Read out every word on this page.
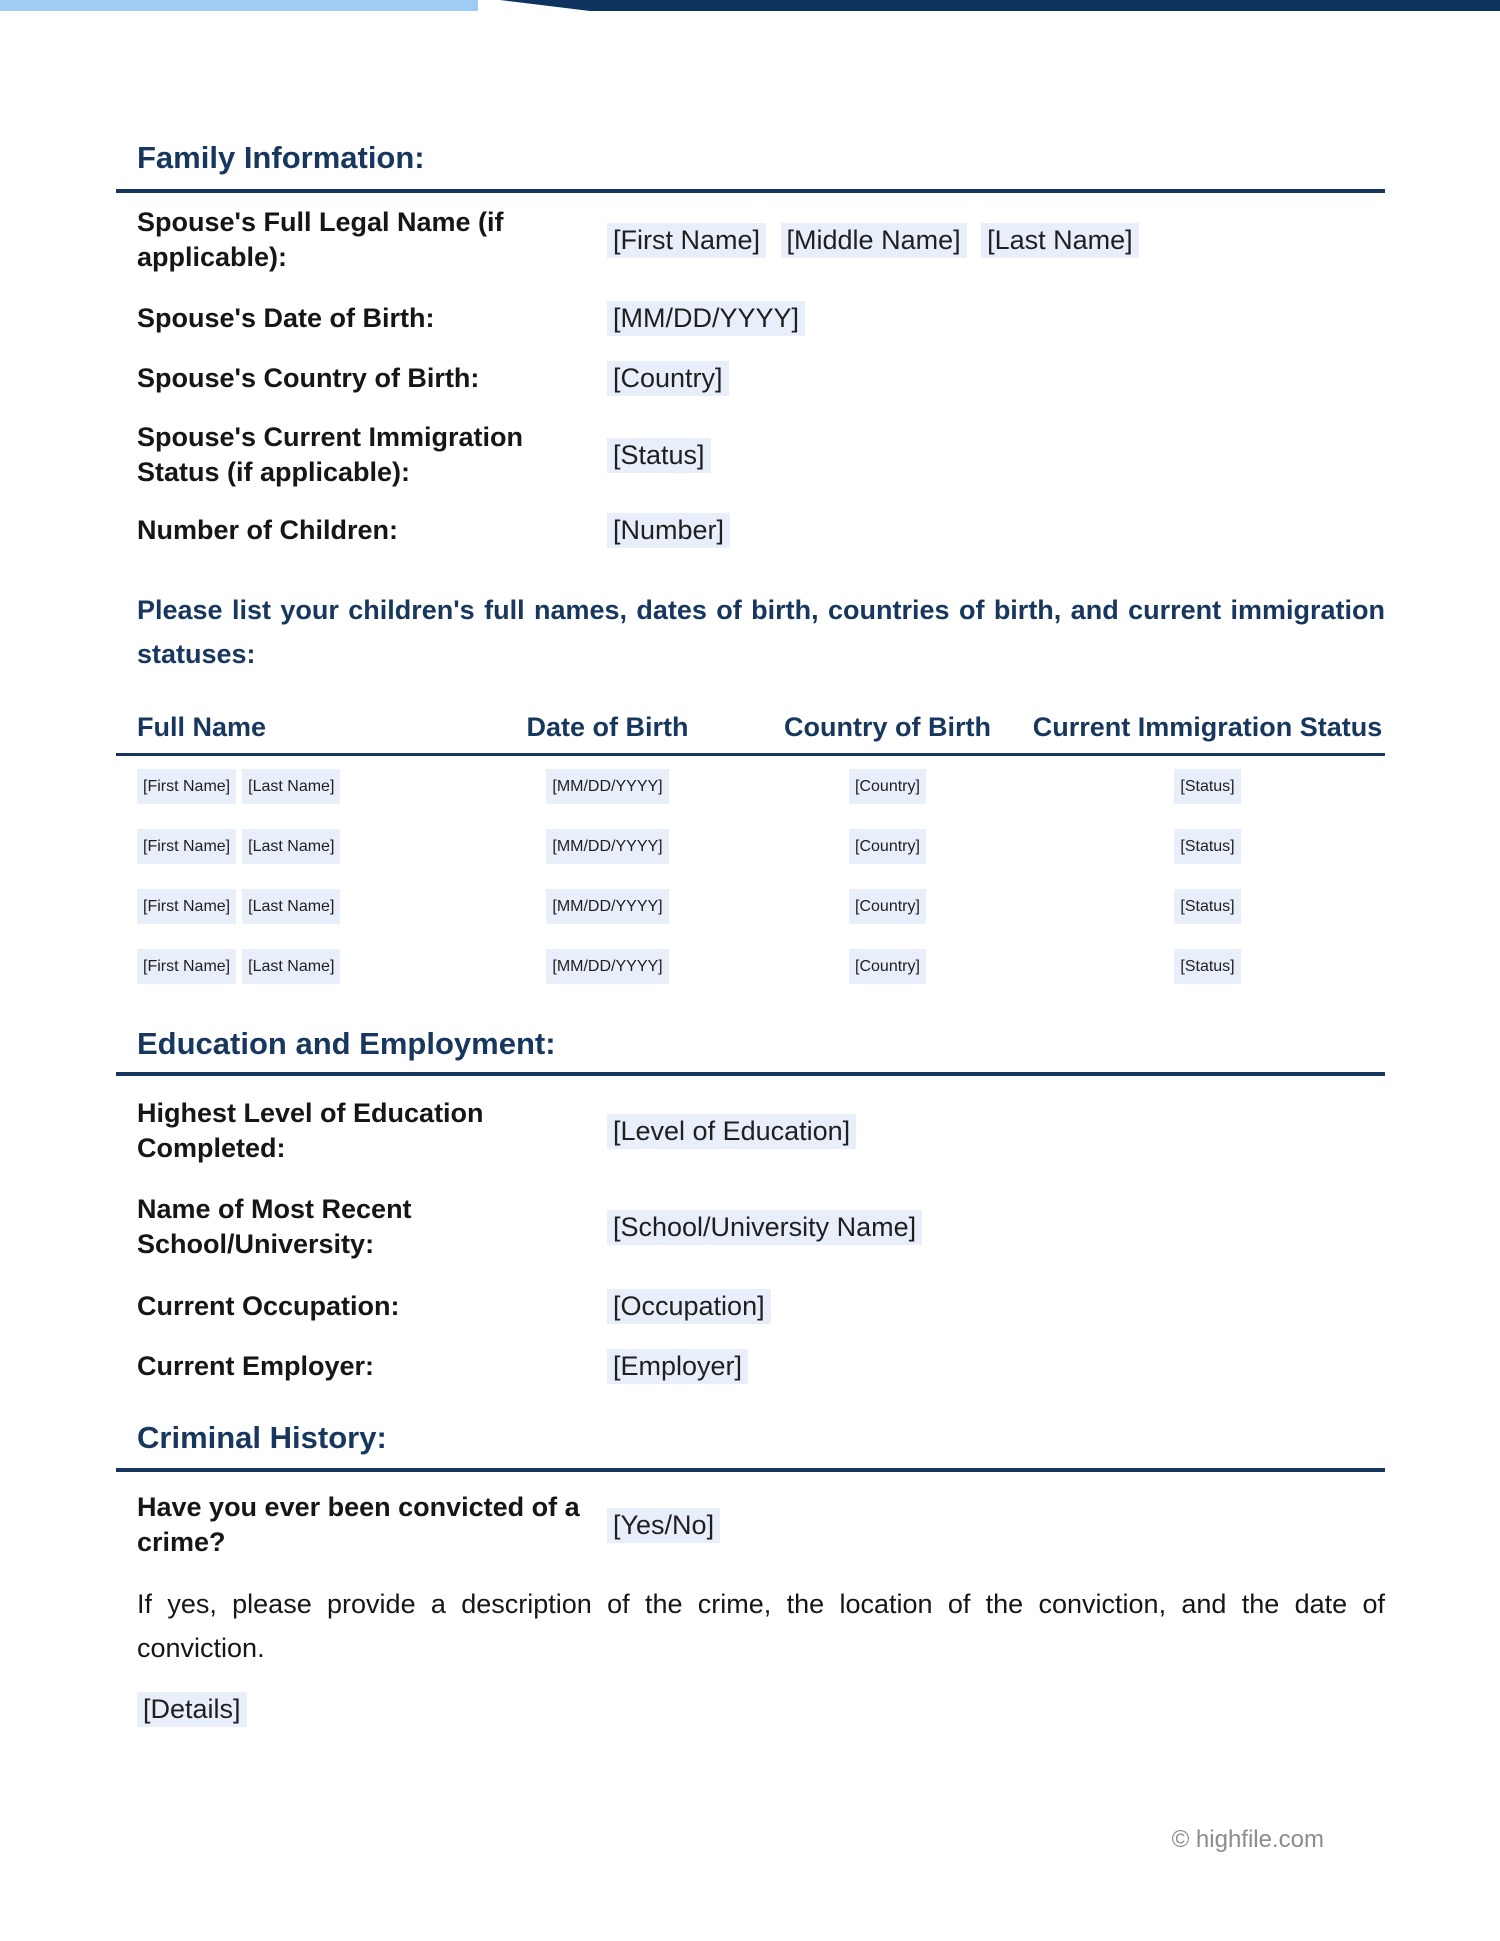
Family Information:
Spouse's Full Legal Name (if applicable):
[First Name] [Middle Name] [Last Name]
Spouse's Date of Birth:	[MM/DD/YYYY]
Spouse's Country of Birth:	[Country]
Spouse's Current Immigration Status (if applicable):
[Status]
Number of Children:	[Number]

Please list your children's full names, dates of birth, countries of birth, and current immigration statuses:

Full Name	Date of Birth	Country of Birth	Current Immigration Status
[First Name]	[Last Name]	[MM/DD/YYYY]	[Country]	[Status]
[First Name]	[Last Name]	[MM/DD/YYYY]	[Country]	[Status]
[First Name]	[Last Name]	[MM/DD/YYYY]	[Country]	[Status]
[First Name]	[Last Name]	[MM/DD/YYYY]	[Country]	[Status]
Education and Employment:
Highest Level of Education Completed:
[Level of Education]
Name of Most Recent School/University:
[School/University Name]
Current Occupation:	[Occupation]
Current Employer:	[Employer]
Criminal History:
Have you ever been convicted of a crime?
[Yes/No]

If yes, please provide a description of the crime, the location of the conviction, and the date of conviction.

[Details]
© highfile.com
